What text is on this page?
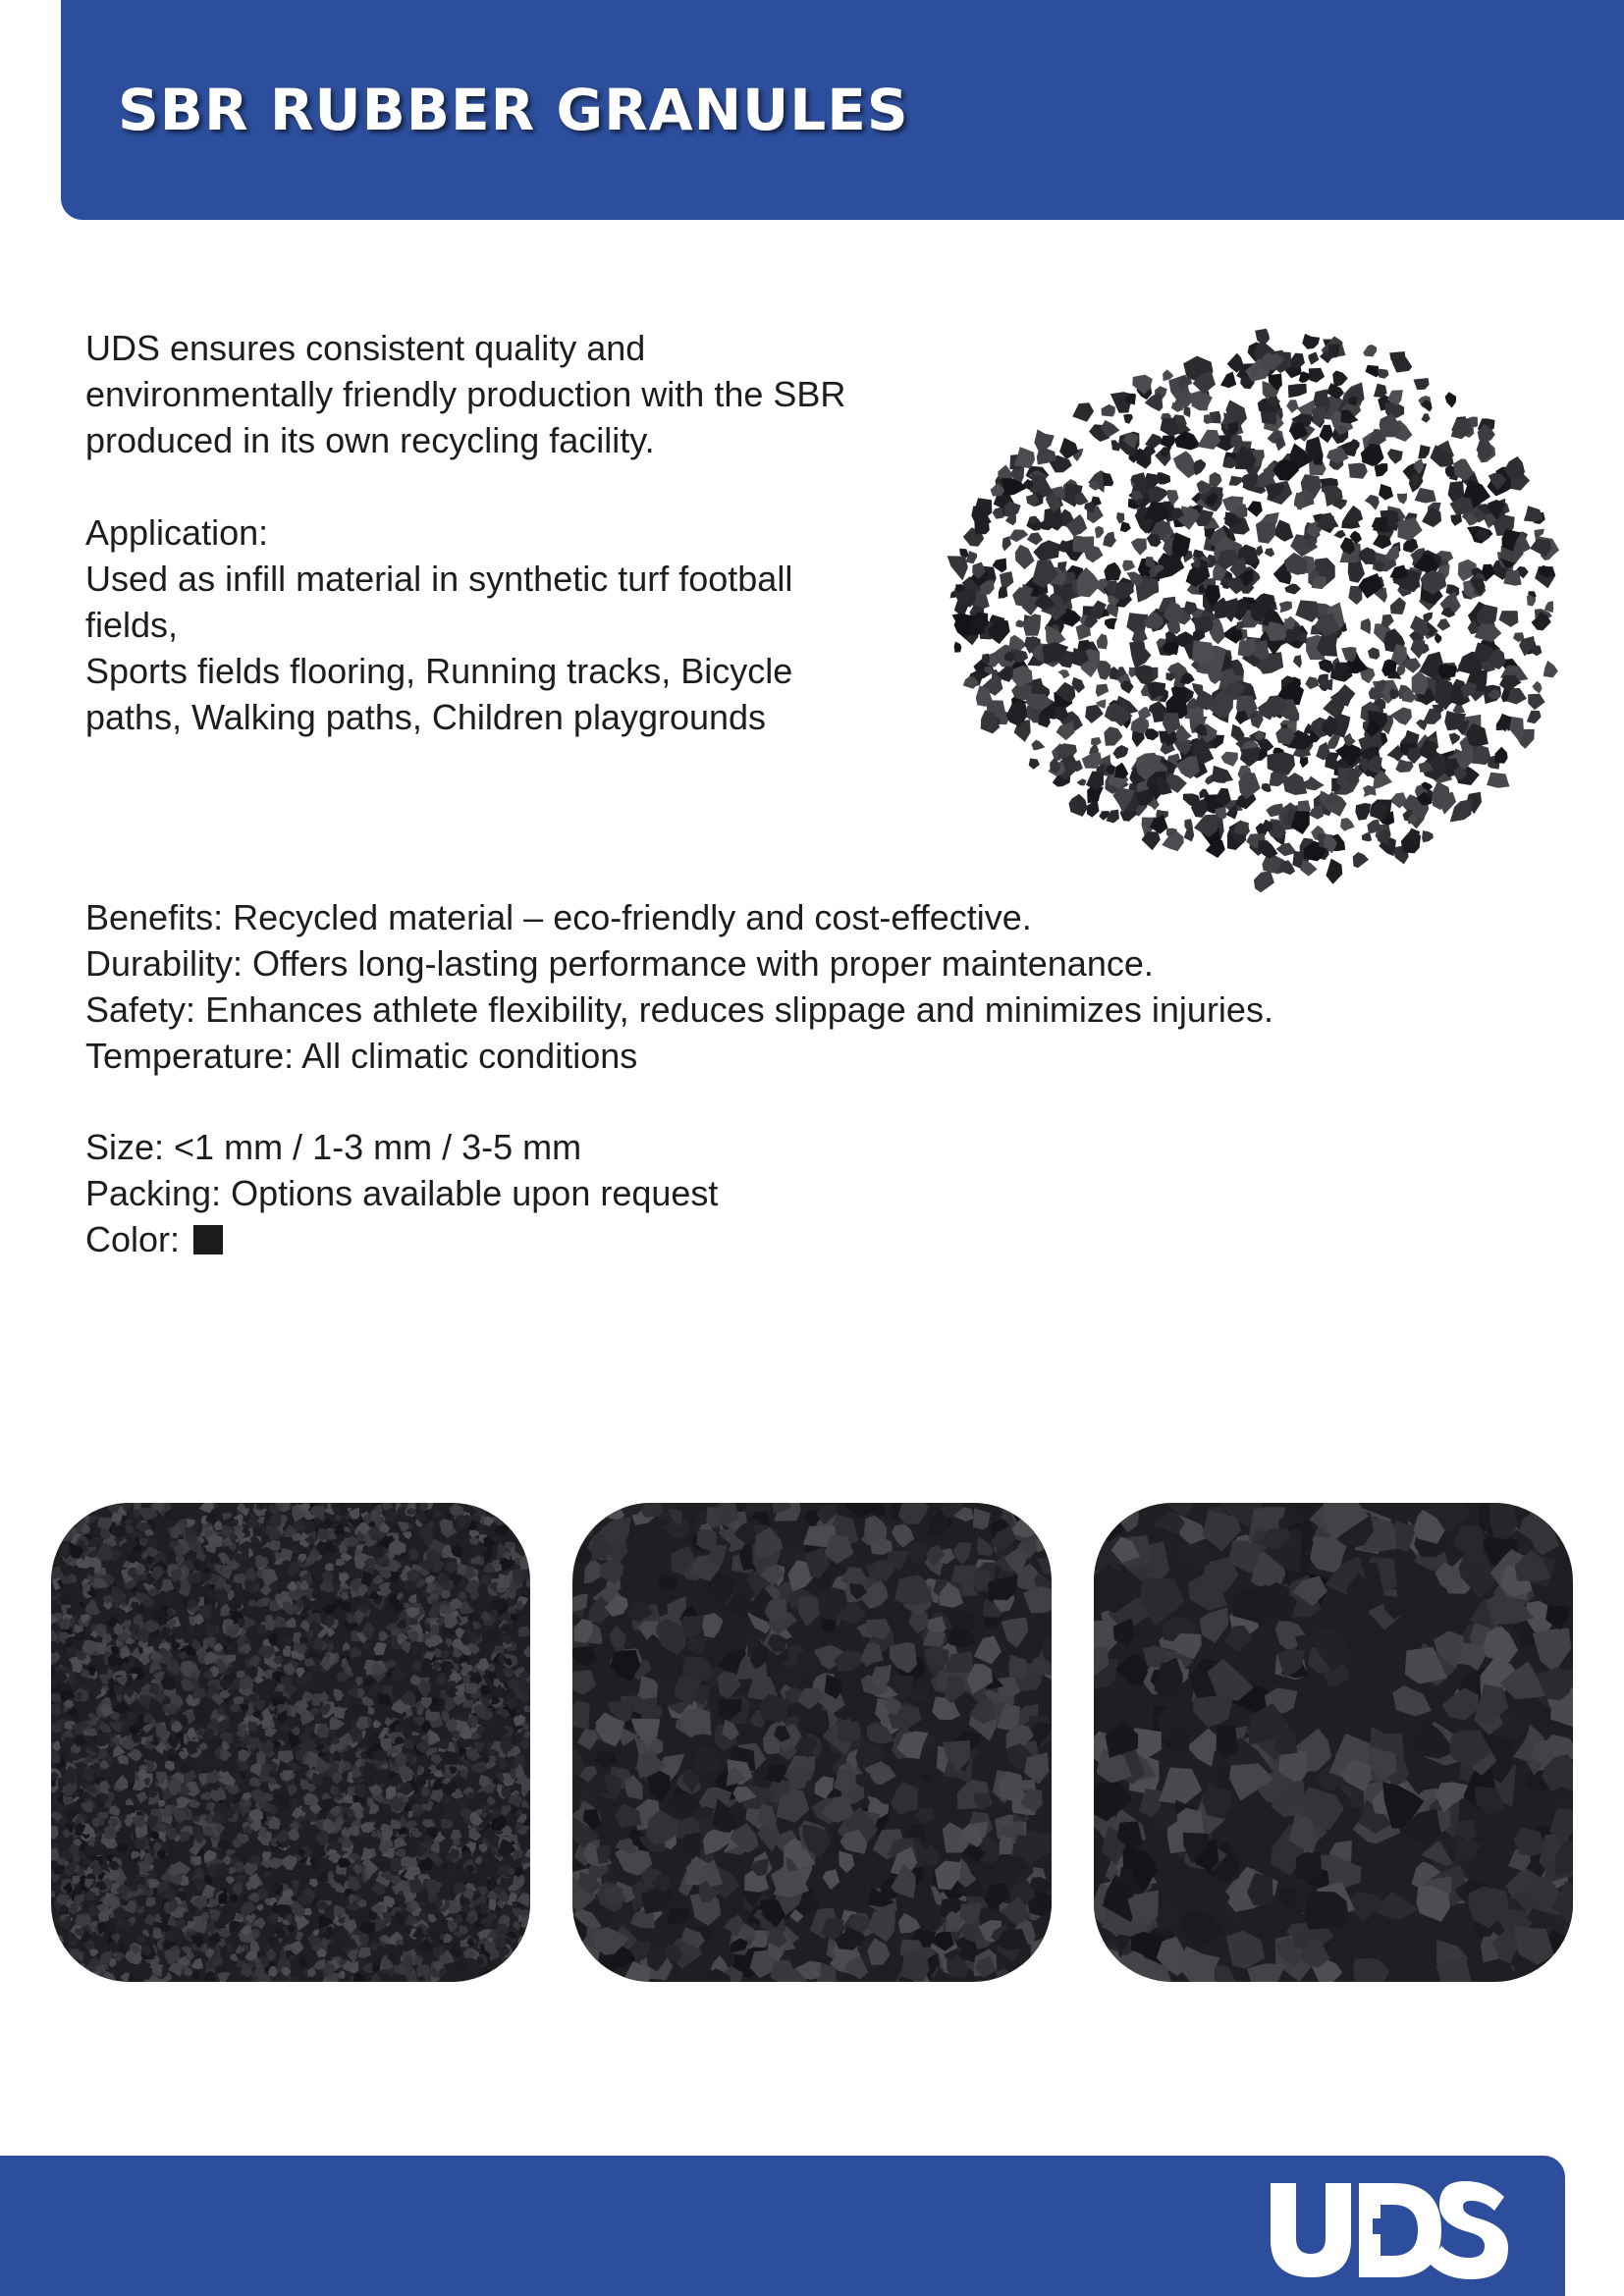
SBR RUBBER GRANULES

UDS ensures consistent quality and

environmentally friendly production with the SBR

produced in its own recycling facility.

Application:

Used as infill material in synthetic turf football

fields,

Sports fields flooring, Running tracks, Bicycle

paths, Walking paths, Children playgrounds

Benefits: Recycled material – eco-friendly and cost-effective.

Durability: Offers long-lasting performance with proper maintenance.

Safety: Enhances athlete flexibility, reduces slippage and minimizes injuries.

Temperature: All climatic conditions

Size: <1 mm / 1-3 mm / 3-5 mm

Packing: Options available upon request

Color:
